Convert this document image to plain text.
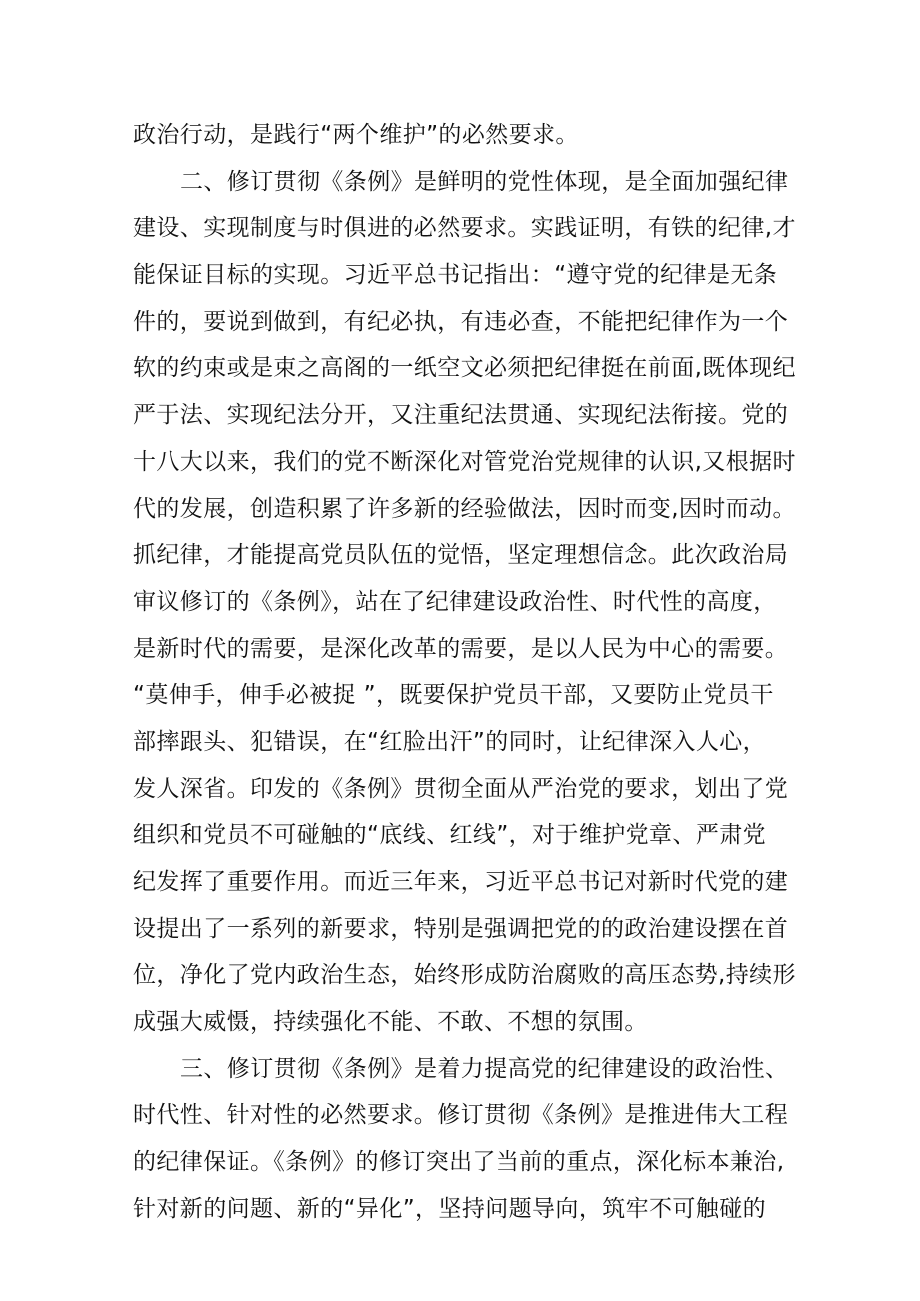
政治行动，是践行“两个维护”的必然要求。
二、修订贯彻《条例》是鲜明的党性体现，是全面加强纪律
建设、实现制度与时俱进的必然要求。实践证明，有铁的纪律,才
能保证目标的实现。习近平总书记指出：“遵守党的纪律是无条
件的，要说到做到，有纪必执，有违必查，不能把纪律作为一个
软的约束或是束之高阁的一纸空文必须把纪律挺在前面,既体现纪
严于法、实现纪法分开，又注重纪法贯通、实现纪法衔接。党的
十八大以来，我们的党不断深化对管党治党规律的认识,又根据时
代的发展，创造积累了许多新的经验做法，因时而变,因时而动。
抓纪律，才能提高党员队伍的觉悟，坚定理想信念。此次政治局
审议修订的《条例》，站在了纪律建设政治性、时代性的高度，
是新时代的需要，是深化改革的需要，是以人民为中心的需要。
“莫伸手，伸手必被捉 ”，既要保护党员干部，又要防止党员干
部摔跟头、犯错误，在“红脸出汗”的同时，让纪律深入人心，
发人深省。印发的《条例》贯彻全面从严治党的要求，划出了党
组织和党员不可碰触的“底线、红线”，对于维护党章、严肃党
纪发挥了重要作用。而近三年来，习近平总书记对新时代党的建
设提出了一系列的新要求，特别是强调把党的的政治建设摆在首
位，净化了党内政治生态，始终形成防治腐败的高压态势,持续形
成强大威慑，持续强化不能、不敢、不想的氛围。
三、修订贯彻《条例》是着力提高党的纪律建设的政治性、
时代性、针对性的必然要求。修订贯彻《条例》是推进伟大工程
的纪律保证。《条例》的修订突出了当前的重点，深化标本兼治,
针对新的问题、新的“异化”，坚持问题导向，筑牢不可触碰的
